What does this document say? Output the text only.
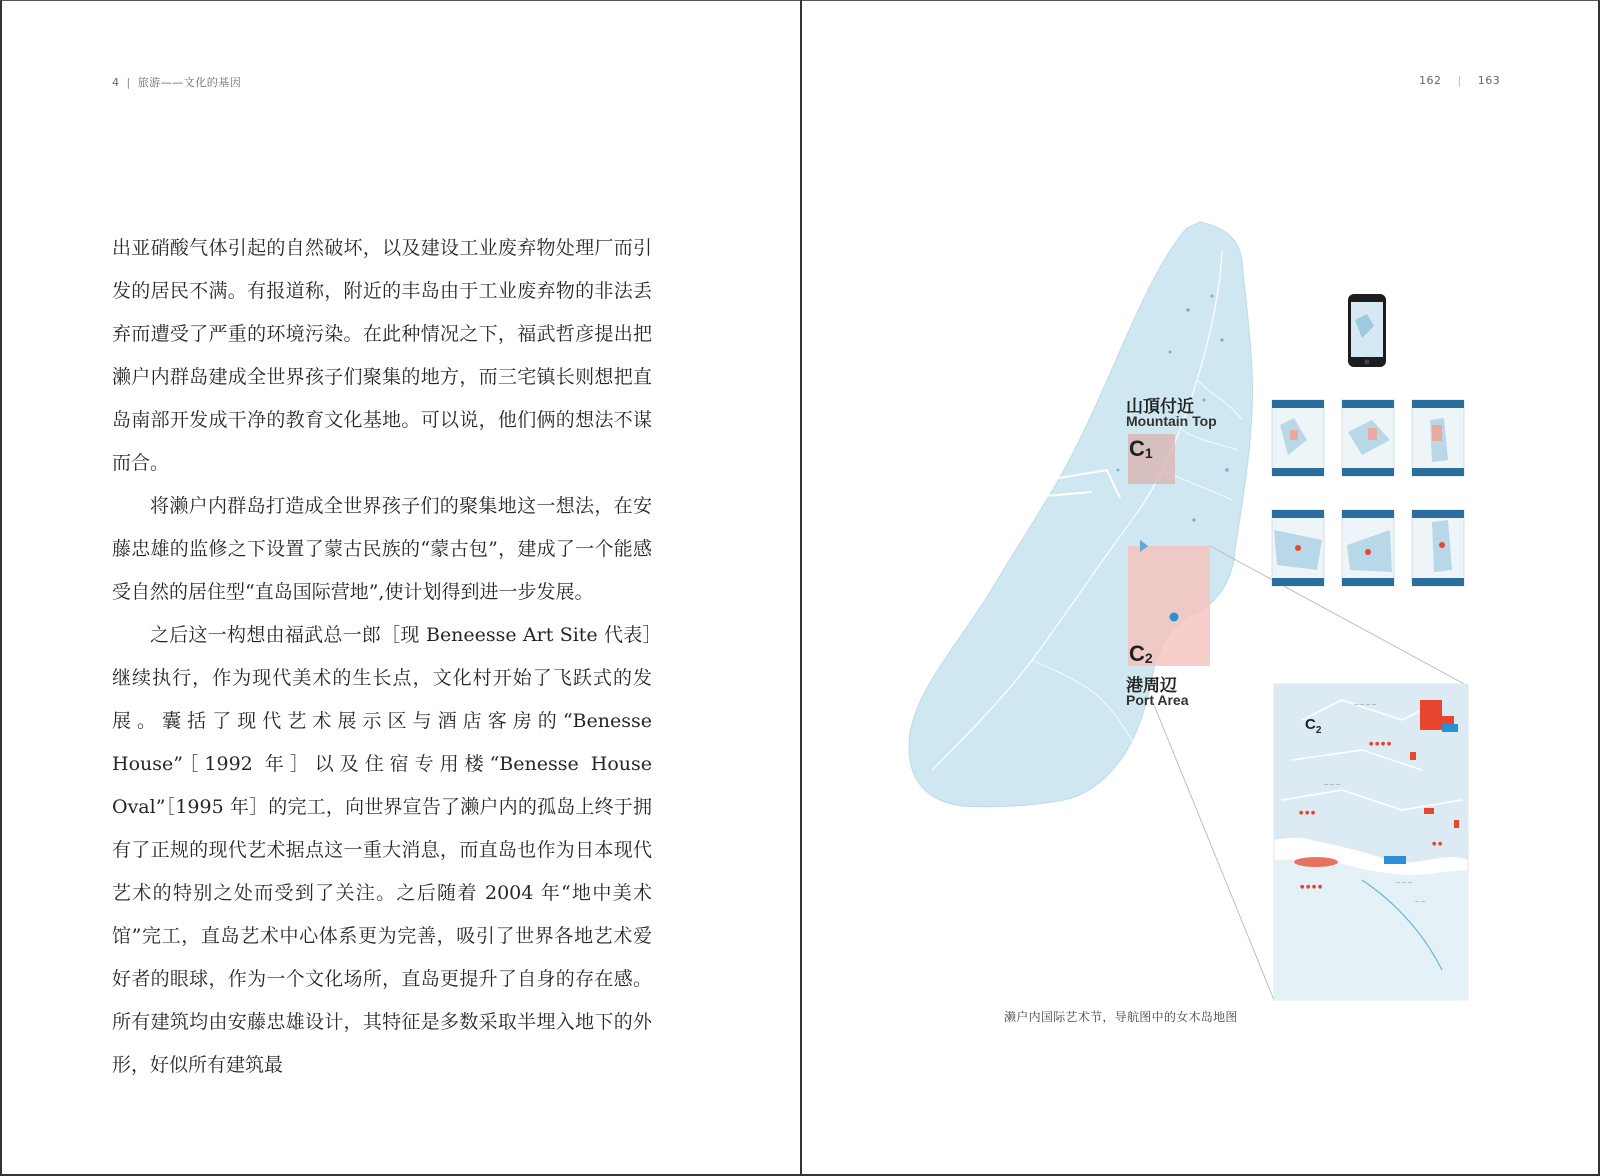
4 | 旅游——文化的基因

出亚硝酸气体引起的自然破坏，以及建设工业废弃物处理厂而引发的居民不满。有报道称，附近的丰岛由于工业废弃物的非法丢弃而遭受了严重的环境污染。在此种情况之下，福武哲彦提出把濑户内群岛建成全世界孩子们聚集的地方，而三宅镇长则想把直岛南部开发成干净的教育文化基地。可以说，他们俩的想法不谋而合。

将濑户内群岛打造成全世界孩子们的聚集地这一想法，在安藤忠雄的监修之下设置了蒙古民族的“蒙古包”，建成了一个能感受自然的居住型“直岛国际营地”,使计划得到进一步发展。

之后这一构想由福武总一郎［现 Beneesse Art Site 代表］继续执行，作为现代美术的生长点，文化村开始了飞跃式的发展。囊括了现代艺术展示区与酒店客房的“Benesse House”［1992 年］以及住宿专用楼“Benesse House Oval”［1995 年］的完工，向世界宣告了濑户内的孤岛上终于拥有了正规的现代艺术据点这一重大消息，而直岛也作为日本现代艺术的特别之处而受到了关注。之后随着 2004 年“地中美术馆”完工，直岛艺术中心体系更为完善，吸引了世界各地艺术爱好者的眼球，作为一个文化场所，直岛更提升了自身的存在感。所有建筑均由安藤忠雄设计，其特征是多数采取半埋入地下的外形，好似所有建筑最

162 | 163
● ● ● ●
● ● ●
● ● ● ●
● ●
— — — —
— — —
— — —
— —
山頂付近
Mountain Top
$C_1$
$C_2$
港周辺
Port Area
$C_2$
濑户内国际艺术节，导航图中的女木岛地图
